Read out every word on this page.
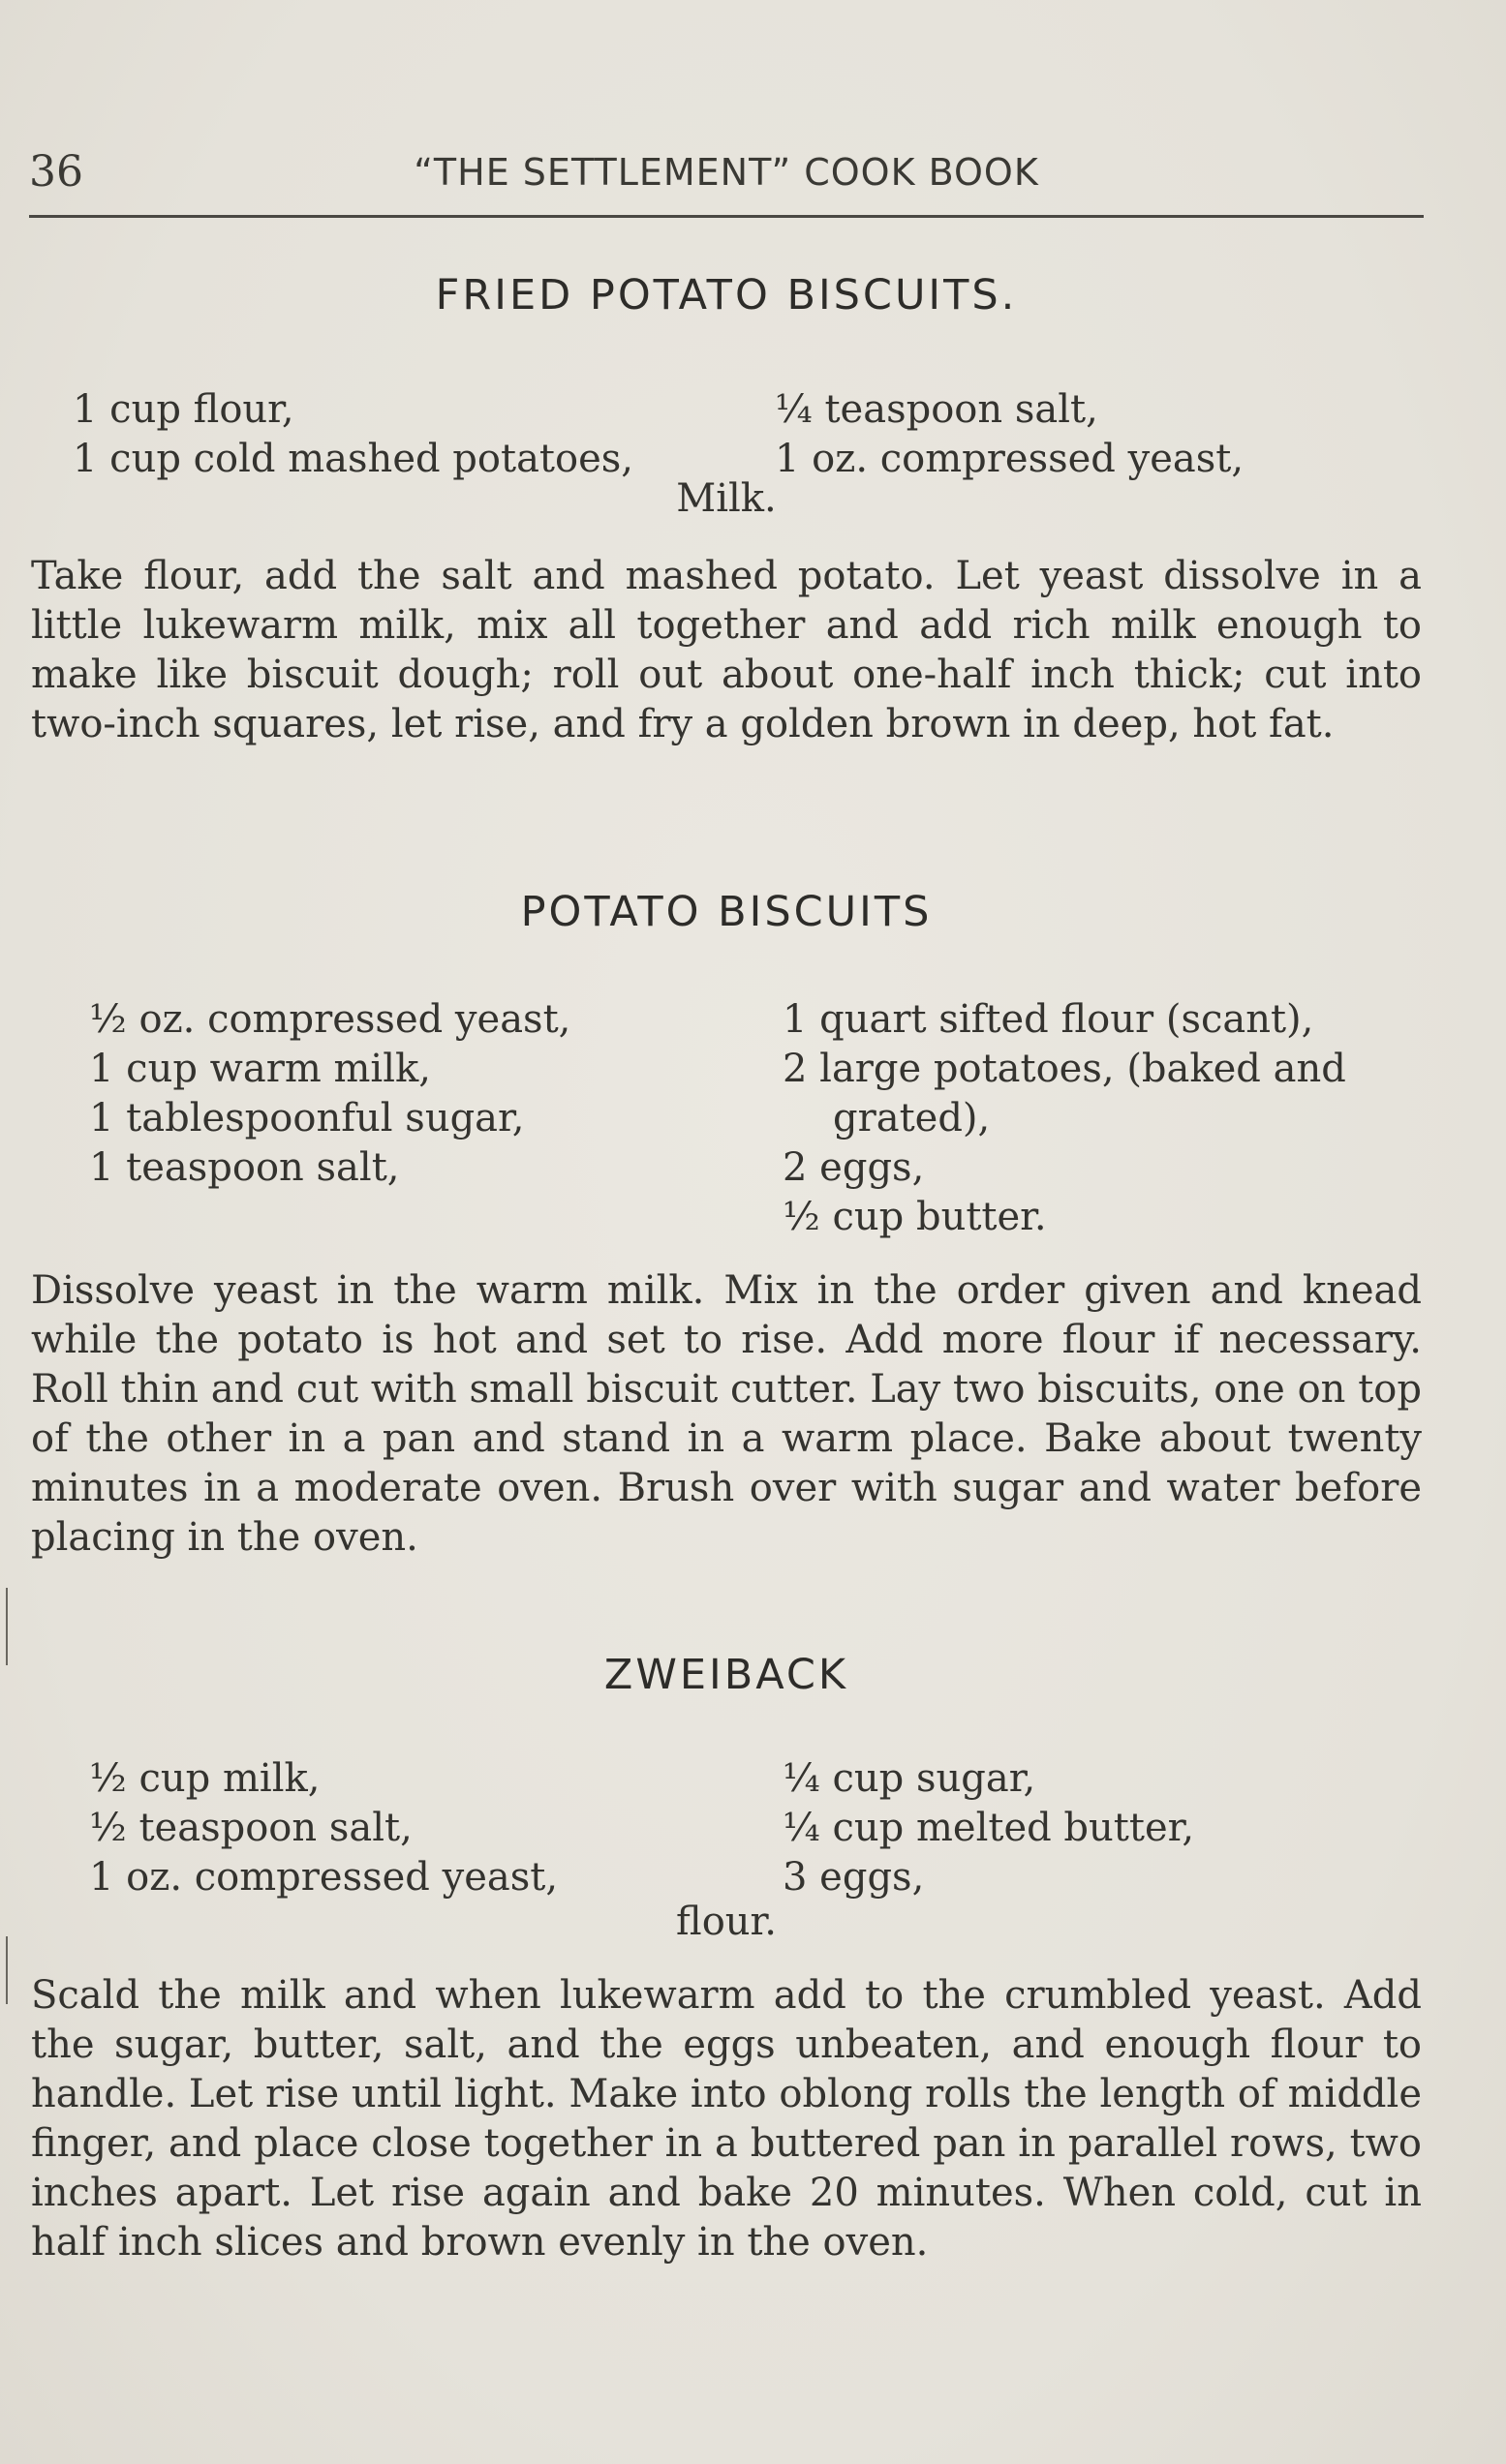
36	“THE SETTLEMENT” COOK BOOK
FRIED POTATO BISCUITS.
1 cup flour,
1 cup cold mashed potatoes,
¼ teaspoon salt,
1 oz. compressed yeast,
Milk.
Take flour, add the salt and mashed potato. Let yeast dissolve in a little lukewarm milk, mix all together and add rich milk enough to make like biscuit dough; roll out about one-half inch thick; cut into two-inch squares, let rise, and fry a golden brown in deep, hot fat.
POTATO BISCUITS
½ oz. compressed yeast,
1 cup warm milk,
1 tablespoonful sugar,
1 teaspoon salt,
1 quart sifted flour (scant),
2 large potatoes, (baked and
grated),
2 eggs,
½ cup butter.
Dissolve yeast in the warm milk. Mix in the order given and knead while the potato is hot and set to rise. Add more flour if necessary. Roll thin and cut with small biscuit cutter. Lay two biscuits, one on top of the other in a pan and stand in a warm place. Bake about twenty minutes in a moderate oven. Brush over with sugar and water before placing in the oven.
ZWEIBACK
½ cup milk,
½ teaspoon salt,
1 oz. compressed yeast,
¼ cup sugar,
¼ cup melted butter,
3 eggs,
flour.
Scald the milk and when lukewarm add to the crumbled yeast. Add the sugar, butter, salt, and the eggs unbeaten, and enough flour to handle. Let rise until light. Make into oblong rolls the length of middle finger, and place close together in a buttered pan in parallel rows, two inches apart. Let rise again and bake 20 minutes. When cold, cut in half inch slices and brown evenly in the oven.
